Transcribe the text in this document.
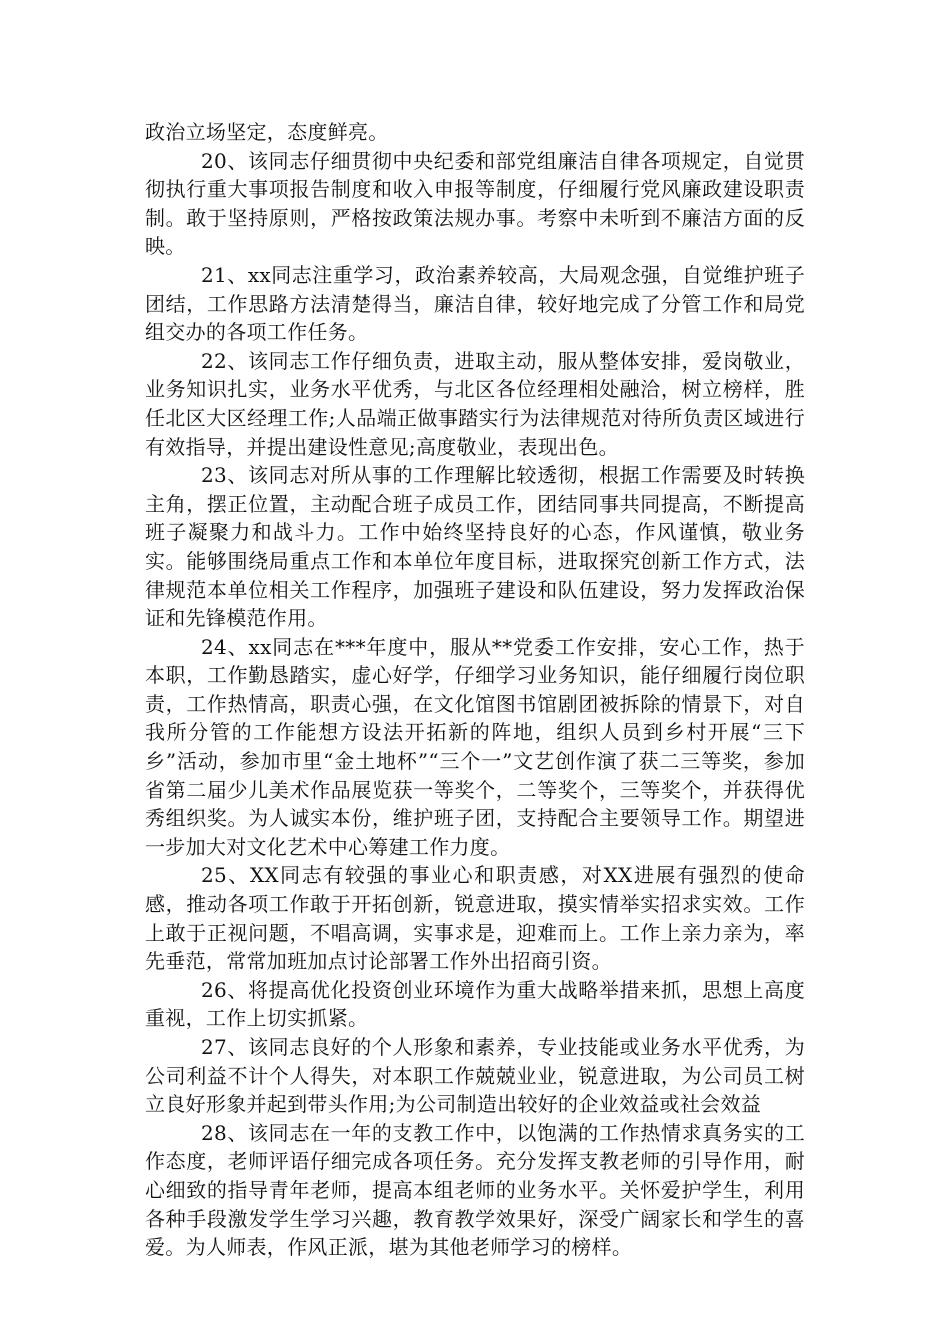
政治立场坚定，态度鲜亮。

20、该同志仔细贯彻中央纪委和部党组廉洁自律各项规定，自觉贯彻执行重大事项报告制度和收入申报等制度，仔细履行党风廉政建设职责制。敢于坚持原则，严格按政策法规办事。考察中未听到不廉洁方面的反映。

21、xx同志注重学习，政治素养较高，大局观念强，自觉维护班子团结，工作思路方法清楚得当，廉洁自律，较好地完成了分管工作和局党组交办的各项工作任务。

22、该同志工作仔细负责，进取主动，服从整体安排，爱岗敬业，业务知识扎实，业务水平优秀，与北区各位经理相处融洽，树立榜样，胜任北区大区经理工作;人品端正做事踏实行为法律规范对待所负责区域进行有效指导，并提出建设性意见;高度敬业，表现出色。

23、该同志对所从事的工作理解比较透彻，根据工作需要及时转换主角，摆正位置，主动配合班子成员工作，团结同事共同提高，不断提高班子凝聚力和战斗力。工作中始终坚持良好的心态，作风谨慎，敬业务实。能够围绕局重点工作和本单位年度目标，进取探究创新工作方式，法律规范本单位相关工作程序，加强班子建设和队伍建设，努力发挥政治保证和先锋模范作用。

24、xx同志在***年度中，服从**党委工作安排，安心工作，热于本职，工作勤恳踏实，虚心好学，仔细学习业务知识，能仔细履行岗位职责，工作热情高，职责心强，在文化馆图书馆剧团被拆除的情景下，对自我所分管的工作能想方设法开拓新的阵地，组织人员到乡村开展“三下乡”活动，参加市里“金土地杯”“三个一”文艺创作演了获二三等奖，参加省第二届少儿美术作品展览获一等奖个，二等奖个，三等奖个，并获得优秀组织奖。为人诚实本份，维护班子团，支持配合主要领导工作。期望进一步加大对文化艺术中心筹建工作力度。

25、XX同志有较强的事业心和职责感，对XX进展有强烈的使命感，推动各项工作敢于开拓创新，锐意进取，摸实情举实招求实效。工作上敢于正视问题，不唱高调，实事求是，迎难而上。工作上亲力亲为，率先垂范，常常加班加点讨论部署工作外出招商引资。

26、将提高优化投资创业环境作为重大战略举措来抓，思想上高度重视，工作上切实抓紧。

27、该同志良好的个人形象和素养，专业技能或业务水平优秀，为公司利益不计个人得失，对本职工作兢兢业业，锐意进取，为公司员工树立良好形象并起到带头作用;为公司制造出较好的企业效益或社会效益

28、该同志在一年的支教工作中，以饱满的工作热情求真务实的工作态度，老师评语仔细完成各项任务。充分发挥支教老师的引导作用，耐心细致的指导青年老师，提高本组老师的业务水平。关怀爱护学生，利用各种手段激发学生学习兴趣，教育教学效果好，深受广阔家长和学生的喜爱。为人师表，作风正派，堪为其他老师学习的榜样。
